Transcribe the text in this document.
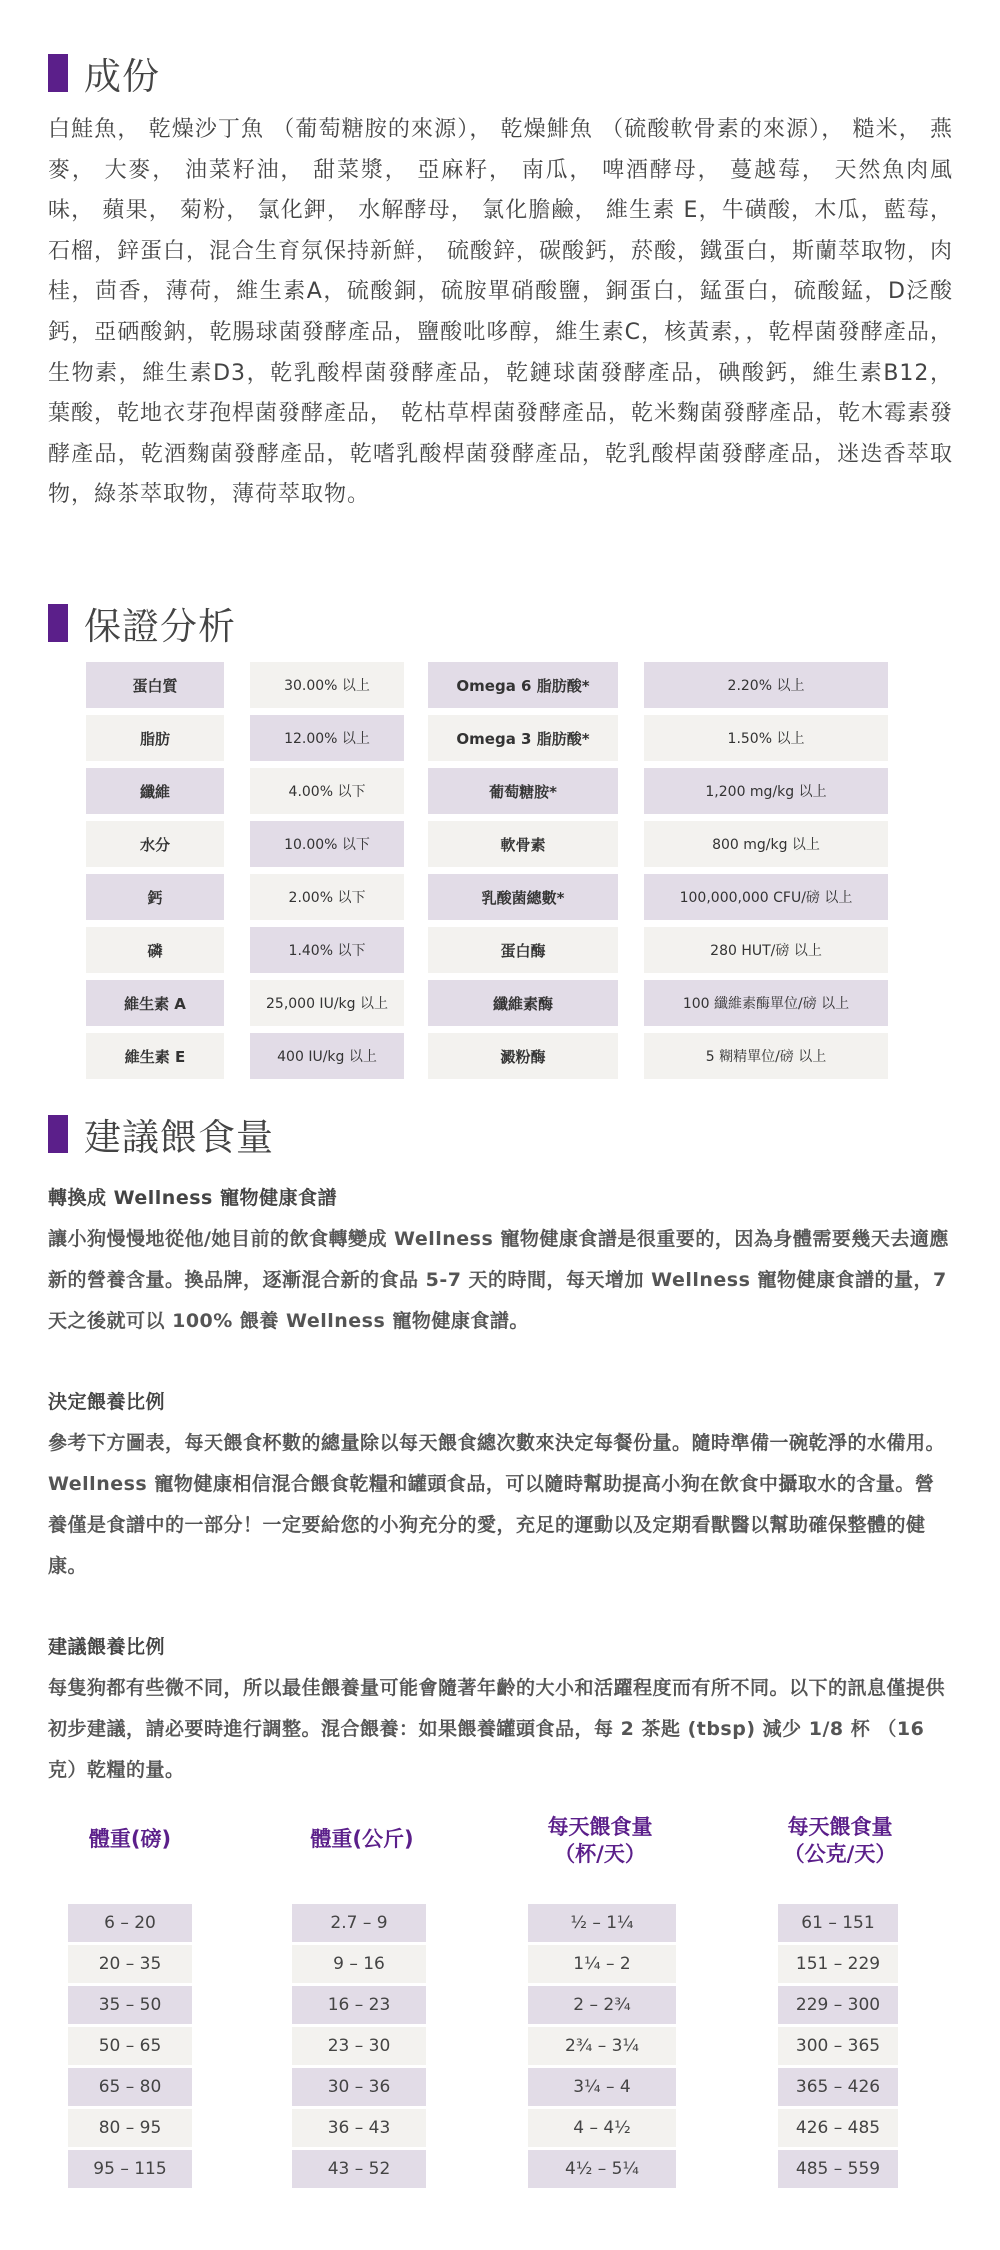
成份
白鮭魚， 乾燥沙丁魚 （葡萄糖胺的來源）， 乾燥鯡魚 （硫酸軟骨素的來源）， 糙米， 燕麥， 大麥， 油菜籽油， 甜菜漿， 亞麻籽， 南瓜， 啤酒酵母， 蔓越莓， 天然魚肉風味， 蘋果， 菊粉， 氯化鉀， 水解酵母， 氯化膽鹼， 維生素 E，牛磺酸，木瓜，藍莓，石榴，鋅蛋白，混合生育氛保持新鮮， 硫酸鋅，碳酸鈣，菸酸，鐵蛋白，斯蘭萃取物，肉桂，茴香，薄荷，維生素A，硫酸銅，硫胺單硝酸鹽，銅蛋白，錳蛋白，硫酸錳，D泛酸鈣，亞硒酸鈉，乾腸球菌發酵產品，鹽酸吡哆醇，維生素C，核黃素，，乾桿菌發酵產品，生物素，維生素D3，乾乳酸桿菌發酵產品，乾鏈球菌發酵產品，碘酸鈣，維生素B12，葉酸，乾地衣芽孢桿菌發酵產品， 乾枯草桿菌發酵產品，乾米麴菌發酵產品，乾木霉素發酵產品，乾酒麴菌發酵產品，乾嗜乳酸桿菌發酵產品，乾乳酸桿菌發酵產品，迷迭香萃取物，綠茶萃取物，薄荷萃取物。
保證分析
蛋白質
脂肪
纖維
水分
鈣
磷
維生素 A
維生素 E
30.00% 以上
12.00% 以上
4.00% 以下
10.00% 以下
2.00% 以下
1.40% 以下
25,000 IU/kg 以上
400 IU/kg 以上
Omega 6 脂肪酸*
Omega 3 脂肪酸*
葡萄糖胺*
軟骨素
乳酸菌總數*
蛋白酶
纖維素酶
澱粉酶
2.20% 以上
1.50% 以上
1,200 mg/kg 以上
800 mg/kg 以上
100,000,000 CFU/磅 以上
280 HUT/磅 以上
100 纖維素酶單位/磅 以上
5 糊精單位/磅 以上
建議餵食量
轉換成 Wellness 寵物健康食譜
讓小狗慢慢地從他/她目前的飲食轉變成 Wellness 寵物健康食譜是很重要的，因為身體需要幾天去適應新的營養含量。換品牌，逐漸混合新的食品 5-7 天的時間，每天增加 Wellness 寵物健康食譜的量，7 天之後就可以 100% 餵養 Wellness 寵物健康食譜。
決定餵養比例
參考下方圖表，每天餵食杯數的總量除以每天餵食總次數來決定每餐份量。隨時準備一碗乾淨的水備用。Wellness 寵物健康相信混合餵食乾糧和罐頭食品，可以隨時幫助提高小狗在飲食中攝取水的含量。營養僅是食譜中的一部分！一定要給您的小狗充分的愛，充足的運動以及定期看獸醫以幫助確保整體的健康。
建議餵養比例
每隻狗都有些微不同，所以最佳餵養量可能會隨著年齡的大小和活躍程度而有所不同。以下的訊息僅提供初步建議，請必要時進行調整。混合餵養：如果餵養罐頭食品，每 2 茶匙 (tbsp) 減少 1/8 杯 （16 克）乾糧的量。
體重(磅)	體重(公斤)	每天餵食量
（杯/天）
每天餵食量
（公克/天）
6 – 20
20 – 35
35 – 50
50 – 65
65 – 80
80 – 95
95 – 115
2.7 – 9
9 – 16
16 – 23
23 – 30
30 – 36
36 – 43
43 – 52
½ – 1¼
1¼ – 2
2 – 2¾
2¾ – 3¼
3¼ – 4
4 – 4½
4½ – 5¼
61 – 151
151 – 229
229 – 300
300 – 365
365 – 426
426 – 485
485 – 559
